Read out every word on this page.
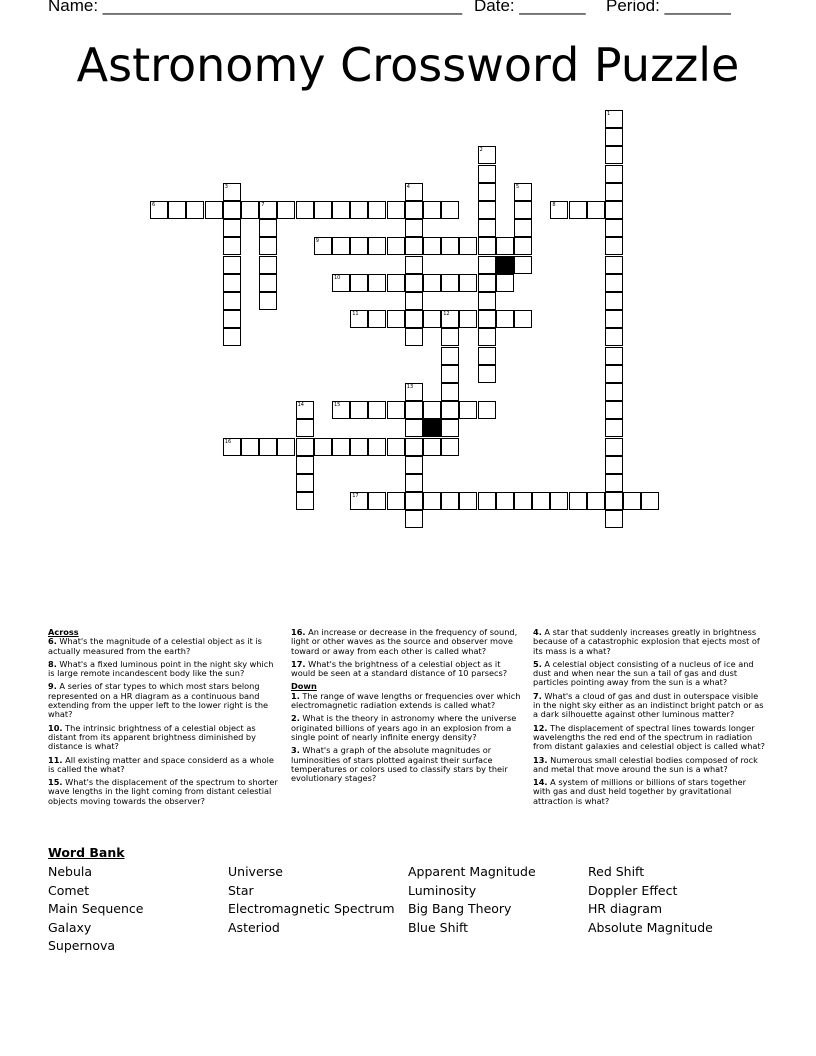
Name: ______________________________________ Date: _______ Period: _______
Astronomy Crossword Puzzle
1
2
3	4	5
6	7	8
9
10
11	12
13
14	15
16
17

Across

6. What's the magnitude of a celestial object as it is actually measured from the earth?

8. What's a fixed luminous point in the night sky which is large remote incandescent body like the sun?

9. A series of star types to which most stars belong represented on a HR diagram as a continuous band extending from the upper left to the lower right is the what?

10. The intrinsic brightness of a celestial object as distant from its apparent brightness diminished by distance is what?

11. All existing matter and space considerd as a whole is called the what?

15. What's the displacement of the spectrum to shorter wave lengths in the light coming from distant celestial objects moving towards the observer?

16. An increase or decrease in the frequency of sound, light or other waves as the source and observer move toward or away from each other is called what?

17. What's the brightness of a celestial object as it would be seen at a standard distance of 10 parsecs?

Down

1. The range of wave lengths or frequencies over which electromagnetic radiation extends is called what?

2. What is the theory in astronomy where the universe originated billions of years ago in an explosion from a single point of nearly infinite energy density?

3. What's a graph of the absolute magnitudes or luminosities of stars plotted against their surface temperatures or colors used to classify stars by their evolutionary stages?

4. A star that suddenly increases greatly in brightness because of a catastrophic explosion that ejects most of its mass is a what?

5. A celestial object consisting of a nucleus of ice and dust and when near the sun a tail of gas and dust particles pointing away from the sun is a what?

7. What's a cloud of gas and dust in outerspace visible in the night sky either as an indistinct bright patch or as a dark silhouette against other luminous matter?

12. The displacement of spectral lines towards longer wavelengths the red end of the spectrum in radiation from distant galaxies and celestial object is called what?

13. Numerous small celestial bodies composed of rock and metal that move around the sun is a what?

14. A system of millions or billions of stars together with gas and dust held together by gravitational attraction is what?

Word Bank
Nebula
Comet
Main Sequence
Galaxy
Supernova
Universe
Star
Electromagnetic Spectrum
Asteriod
Apparent Magnitude
Luminosity
Big Bang Theory
Blue Shift
Red Shift
Doppler Effect
HR diagram
Absolute Magnitude
